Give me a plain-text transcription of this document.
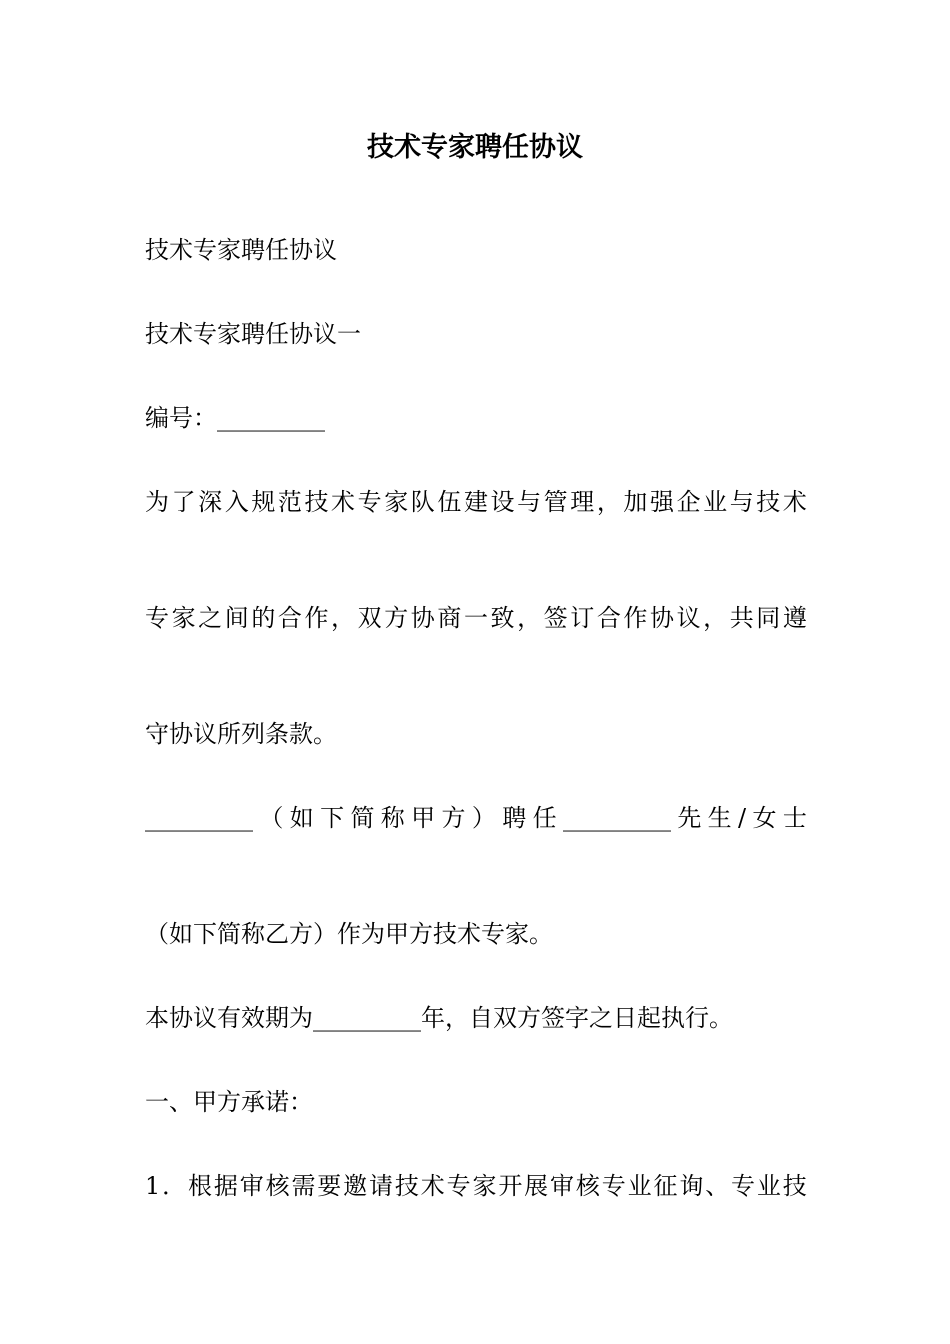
技术专家聘任协议
技术专家聘任协议
技术专家聘任协议一
编号：_________
为 了 深 入 规 范 技 术 专 家 队 伍 建 设 与 管 理 ， 加 强 企 业 与 技 术
专 家 之 间 的 合 作 ， 双 方 协 商 一 致 ， 签 订 合 作 协 议 ， 共 同 遵
守协议所列条款。
_________ （ 如 下 简 称 甲 方 ） 聘 任 _________ 先 生 / 女 士
（如下简称乙方）作为甲方技术专家。
本协议有效期为_________年，自双方签字之日起执行。
一、甲方承诺：
1 ． 根 据 审 核 需 要 邀 请 技 术 专 家 开 展 审 核 专 业 征 询 、 专 业 技
